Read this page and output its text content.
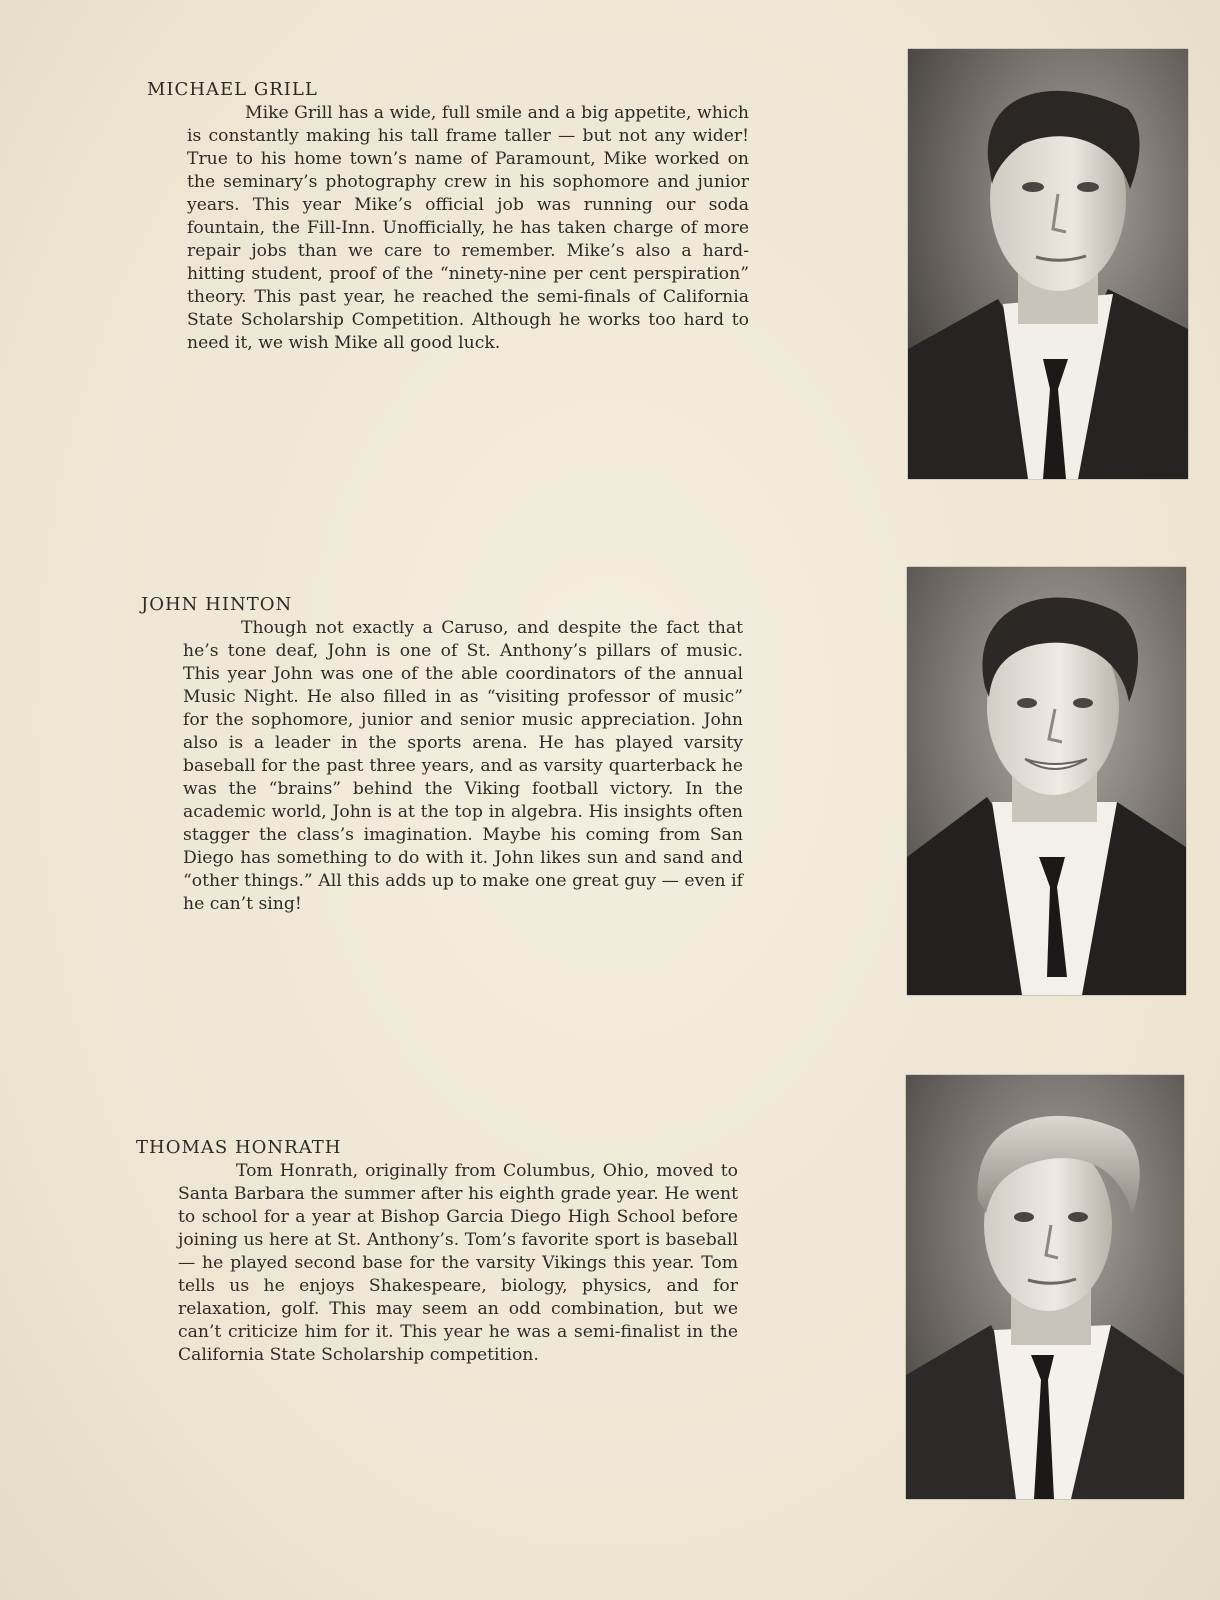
MICHAEL GRILL

Mike Grill has a wide, full smile and a big appetite, which is constantly making his tall frame taller — but not any wider! True to his home town’s name of Paramount, Mike worked on the seminary’s photography crew in his sophomore and junior years. This year Mike’s official job was running our soda fountain, the Fill-Inn. Unofficially, he has taken charge of more repair jobs than we care to remember. Mike’s also a hard-hitting student, proof of the “ninety-nine per cent perspiration” theory. This past year, he reached the semi-finals of California State Scholarship Competition. Although he works too hard to need it, we wish Mike all good luck.

JOHN HINTON

Though not exactly a Caruso, and despite the fact that he’s tone deaf, John is one of St. Anthony’s pillars of music. This year John was one of the able coordinators of the annual Music Night. He also filled in as “visiting professor of music” for the sophomore, junior and senior music appreciation. John also is a leader in the sports arena. He has played varsity baseball for the past three years, and as varsity quarterback he was the “brains” behind the Viking football victory. In the academic world, John is at the top in algebra. His insights often stagger the class’s imagination. Maybe his coming from San Diego has something to do with it. John likes sun and sand and “other things.” All this adds up to make one great guy — even if he can’t sing!

THOMAS HONRATH

Tom Honrath, originally from Columbus, Ohio, moved to Santa Barbara the summer after his eighth grade year. He went to school for a year at Bishop Garcia Diego High School before joining us here at St. Anthony’s. Tom’s favorite sport is baseball — he played second base for the varsity Vikings this year. Tom tells us he enjoys Shakespeare, biology, physics, and for relaxation, golf. This may seem an odd combination, but we can’t criticize him for it. This year he was a semi-finalist in the California State Scholarship competition.
